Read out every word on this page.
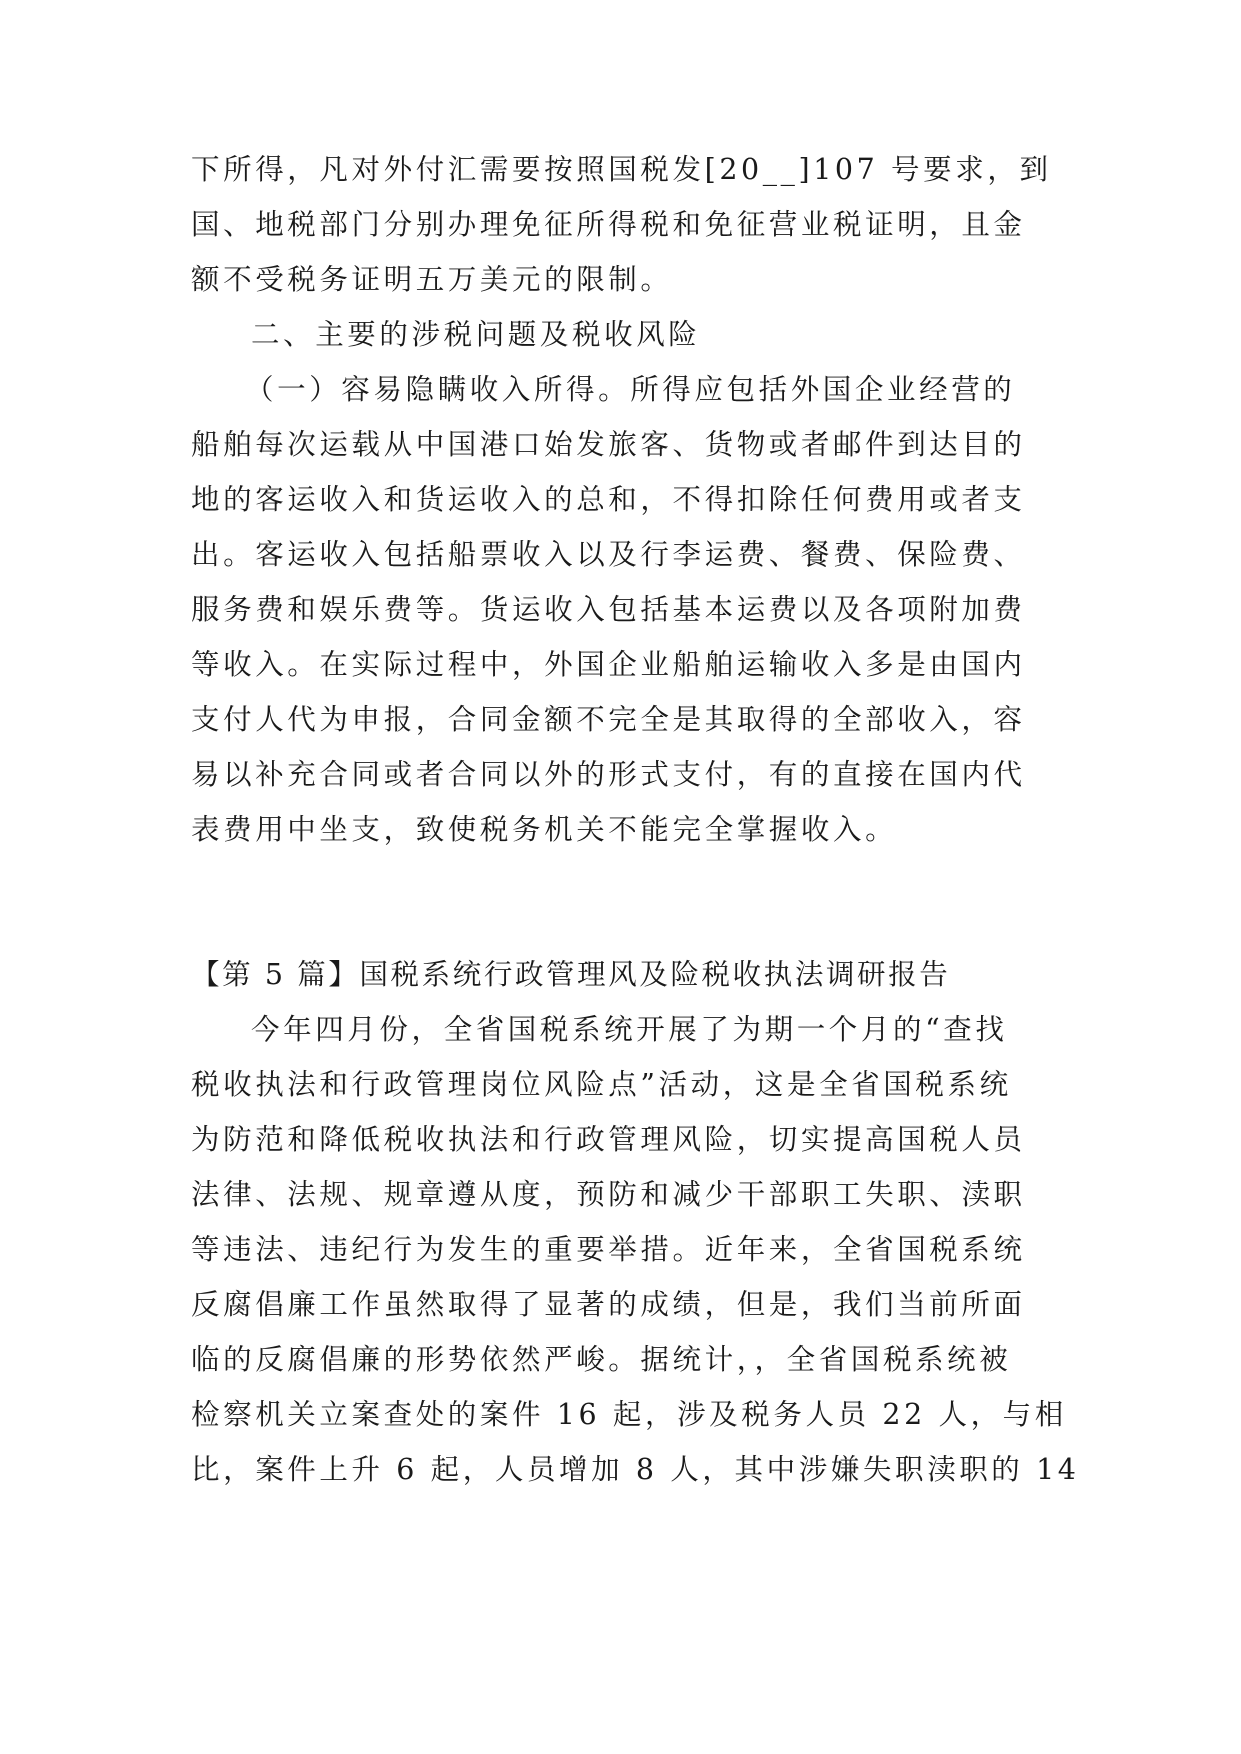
下所得，凡对外付汇需要按照国税发[20__]107 号要求，到
国、地税部门分别办理免征所得税和免征营业税证明，且金
额不受税务证明五万美元的限制。
二、主要的涉税问题及税收风险
（一）容易隐瞒收入所得。所得应包括外国企业经营的
船舶每次运载从中国港口始发旅客、货物或者邮件到达目的
地的客运收入和货运收入的总和，不得扣除任何费用或者支
出。客运收入包括船票收入以及行李运费、餐费、保险费、
服务费和娱乐费等。货运收入包括基本运费以及各项附加费
等收入。在实际过程中，外国企业船舶运输收入多是由国内
支付人代为申报，合同金额不完全是其取得的全部收入，容
易以补充合同或者合同以外的形式支付，有的直接在国内代
表费用中坐支，致使税务机关不能完全掌握收入。
【第 5 篇】国税系统行政管理风及险税收执法调研报告
今年四月份，全省国税系统开展了为期一个月的“查找
税收执法和行政管理岗位风险点”活动，这是全省国税系统
为防范和降低税收执法和行政管理风险，切实提高国税人员
法律、法规、规章遵从度，预防和减少干部职工失职、渎职
等违法、违纪行为发生的重要举措。近年来，全省国税系统
反腐倡廉工作虽然取得了显著的成绩，但是，我们当前所面
临的反腐倡廉的形势依然严峻。据统计，，全省国税系统被
检察机关立案查处的案件 16 起，涉及税务人员 22 人，与相
比，案件上升 6 起，人员增加 8 人，其中涉嫌失职渎职的 14
